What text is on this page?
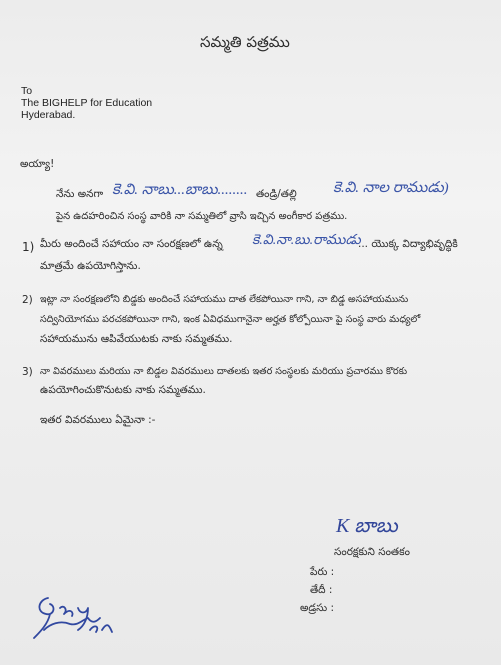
సమ్మతి పత్రము
To
The BIGHELP for Education
Hyderabad.
అయ్యా!
నేను అనగా కె.వి. నాబు...బాబు........ తండ్రి/తల్లి కె.వి. నాల రాముడు)
పైన ఉదహరించిన సంస్థ వారికి నా సమ్మతిలో వ్రాసి ఇచ్చిన అంగీకార పత్రము.
1) మీరు అందించే సహాయం నా సంరక్షణలో ఉన్న కె.వి.నా.బు.రాముడు
... యొక్క విద్యాభివృద్ధికి
మాత్రమే ఉపయోగిస్తాను.
2) ఇట్లా నా సంరక్షణలోని బిడ్డకు అందించే సహాయము దాత లేకపోయినా గాని, నా బిడ్డ అసహాయమును
సద్వినియోగము పరచకపోయినా గాని, ఇంక ఏవిధముగానైనా అర్హత కోల్పోయినా పై సంస్థ వారు మధ్యలో
సహాయమును ఆపివేయుటకు నాకు సమ్మతము.
3) నా వివరములు మరియు నా బిడ్డల వివరములు దాతలకు ఇతర సంస్థలకు మరియు ప్రచారము కొరకు
ఉపయోగించుకొనుటకు నాకు సమ్మతము.
ఇతర వివరములు ఏమైనా :-
K బాబు
సంరక్షకుని సంతకం
పేరు :
తేదీ :
అడ్రసు :
